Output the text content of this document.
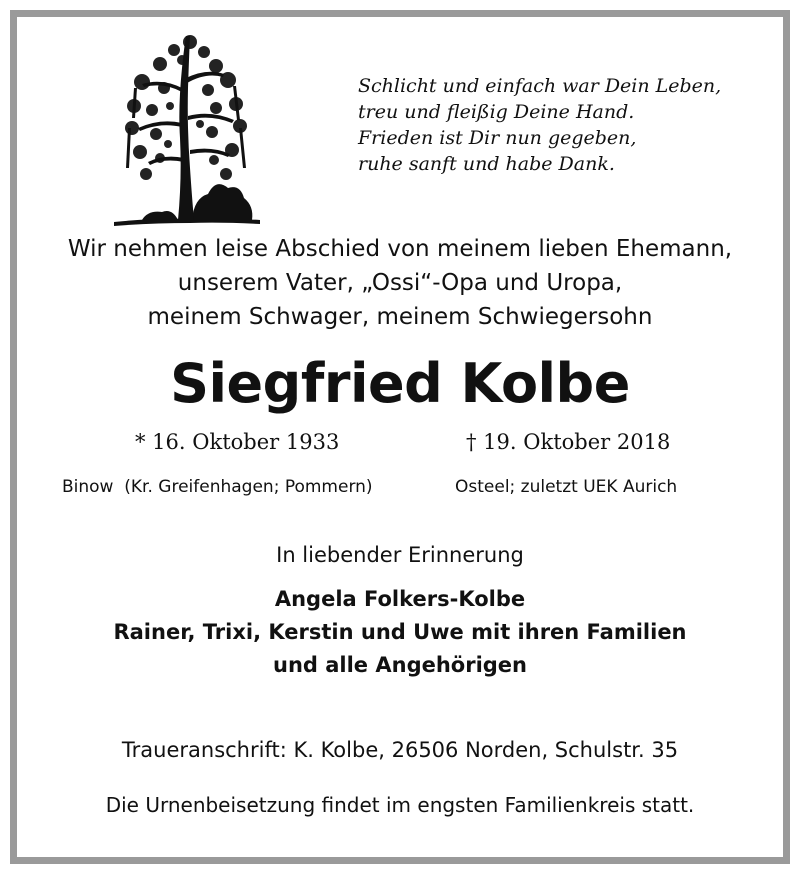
Schlicht und einfach war Dein Leben,
treu und fleißig Deine Hand.
Frieden ist Dir nun gegeben,
ruhe sanft und habe Dank.
Wir nehmen leise Abschied von meinem lieben Ehemann,
unserem Vater, „Ossi“-Opa und Uropa,
meinem Schwager, meinem Schwiegersohn
Siegfried Kolbe
* 16. Oktober 1933	† 19. Oktober 2018
Binow  (Kr. Greifenhagen; Pommern)	Osteel; zuletzt UEK Aurich
In liebender Erinnerung
Angela Folkers-Kolbe
Rainer, Trixi, Kerstin und Uwe mit ihren Familien
und alle Angehörigen
Traueranschrift: K. Kolbe, 26506 Norden, Schulstr. 35
Die Urnenbeisetzung findet im engsten Familienkreis statt.
